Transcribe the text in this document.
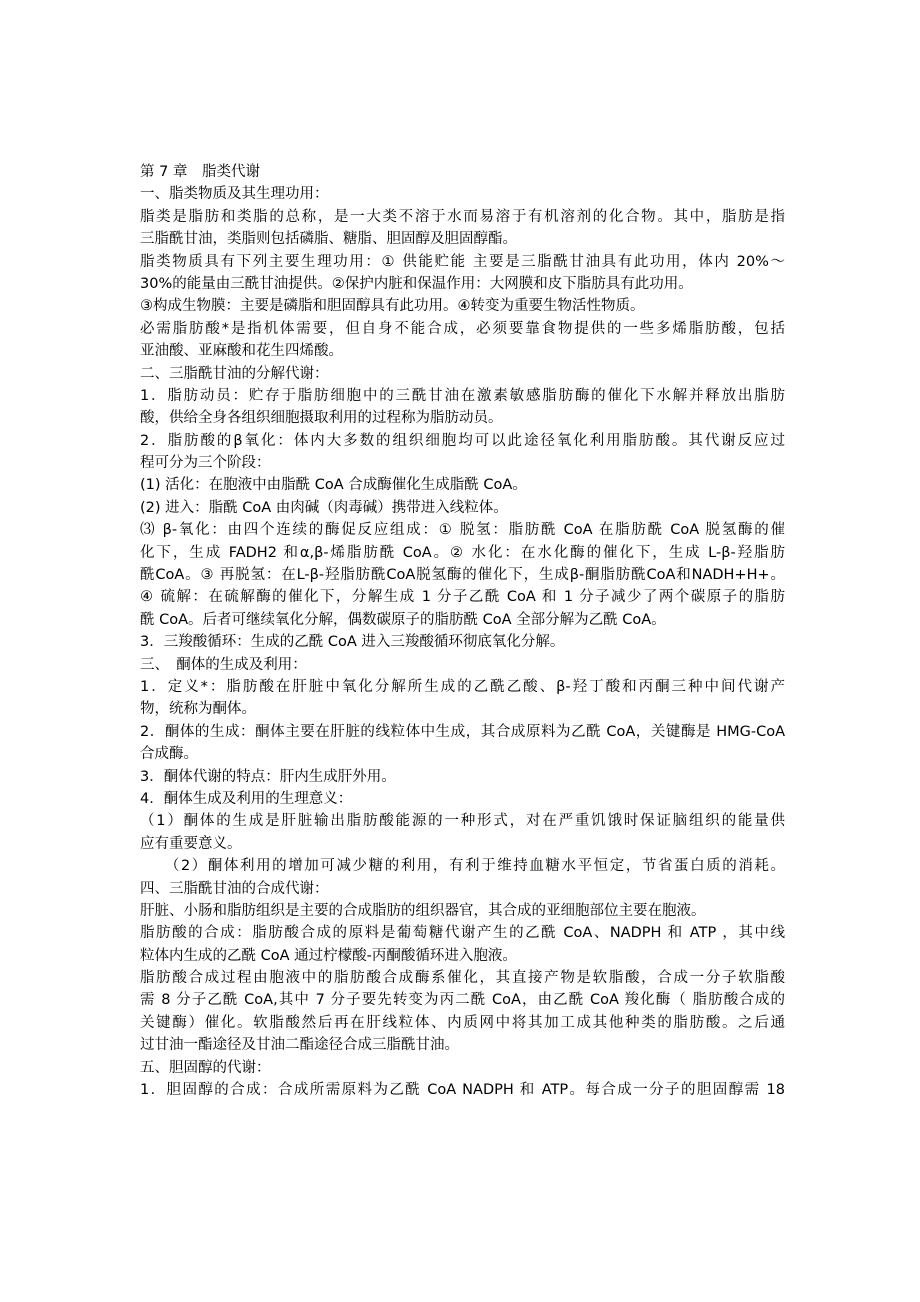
第 7 章　脂类代谢
一、脂类物质及其生理功用：
脂类是脂肪和类脂的总称，是一大类不溶于水而易溶于有机溶剂的化合物。其中，脂肪是指
三脂酰甘油，类脂则包括磷脂、糖脂、胆固醇及胆固醇酯。
脂类物质具有下列主要生理功用：① 供能贮能 主要是三脂酰甘油具有此功用，体内 20%～
30%的能量由三酰甘油提供。②保护内脏和保温作用：大网膜和皮下脂肪具有此功用。
③构成生物膜：主要是磷脂和胆固醇具有此功用。④转变为重要生物活性物质。
必需脂肪酸*是指机体需要，但自身不能合成，必须要靠食物提供的一些多烯脂肪酸，包括
亚油酸、亚麻酸和花生四烯酸。
二、三脂酰甘油的分解代谢：
1．脂肪动员：贮存于脂肪细胞中的三酰甘油在激素敏感脂肪酶的催化下水解并释放出脂肪
酸，供给全身各组织细胞摄取利用的过程称为脂肪动员。
2．脂肪酸的β氧化：体内大多数的组织细胞均可以此途径氧化利用脂肪酸。其代谢反应过
程可分为三个阶段：
(1) 活化：在胞液中由脂酰 CoA 合成酶催化生成脂酰 CoA。
(2) 进入：脂酰 CoA 由肉碱（肉毒碱）携带进入线粒体。
⑶ β-氧化：由四个连续的酶促反应组成：① 脱氢：脂肪酰 CoA 在脂肪酰 CoA 脱氢酶的催
化下，生成 FADH2 和α,β-烯脂肪酰 CoA。② 水化：在水化酶的催化下，生成 L-β-羟脂肪
酰CoA。③ 再脱氢：在L-β-羟脂肪酰CoA脱氢酶的催化下，生成β-酮脂肪酰CoA和NADH+H+。
④ 硫解：在硫解酶的催化下，分解生成 1 分子乙酰 CoA 和 1 分子减少了两个碳原子的脂肪
酰 CoA。后者可继续氧化分解，偶数碳原子的脂肪酰 CoA 全部分解为乙酰 CoA。
3．三羧酸循环：生成的乙酰 CoA 进入三羧酸循环彻底氧化分解。
三、　酮体的生成及利用：
1．定义*：脂肪酸在肝脏中氧化分解所生成的乙酰乙酸、β-羟丁酸和丙酮三种中间代谢产
物，统称为酮体。
2．酮体的生成：酮体主要在肝脏的线粒体中生成，其合成原料为乙酰 CoA，关键酶是 HMG-CoA
合成酶。
3．酮体代谢的特点：肝内生成肝外用。
4．酮体生成及利用的生理意义：
（1）酮体的生成是肝脏输出脂肪酸能源的一种形式，对在严重饥饿时保证脑组织的能量供
应有重要意义。
　　（2）酮体利用的增加可减少糖的利用，有利于维持血糖水平恒定，节省蛋白质的消耗。
四、三脂酰甘油的合成代谢：
肝脏、小肠和脂肪组织是主要的合成脂肪的组织器官，其合成的亚细胞部位主要在胞液。
脂肪酸的合成：脂肪酸合成的原料是葡萄糖代谢产生的乙酰 CoA、NADPH 和 ATP ，其中线
粒体内生成的乙酰 CoA 通过柠檬酸-丙酮酸循环进入胞液。
脂肪酸合成过程由胞液中的脂肪酸合成酶系催化，其直接产物是软脂酸，合成一分子软脂酸
需 8 分子乙酰 CoA,其中 7 分子要先转变为丙二酰 CoA，由乙酰 CoA 羧化酶（ 脂肪酸合成的
关键酶）催化。软脂酸然后再在肝线粒体、内质网中将其加工成其他种类的脂肪酸。之后通
过甘油一酯途径及甘油二酯途径合成三脂酰甘油。
五、胆固醇的代谢：
1．胆固醇的合成：合成所需原料为乙酰 CoA NADPH 和 ATP。每合成一分子的胆固醇需 18
